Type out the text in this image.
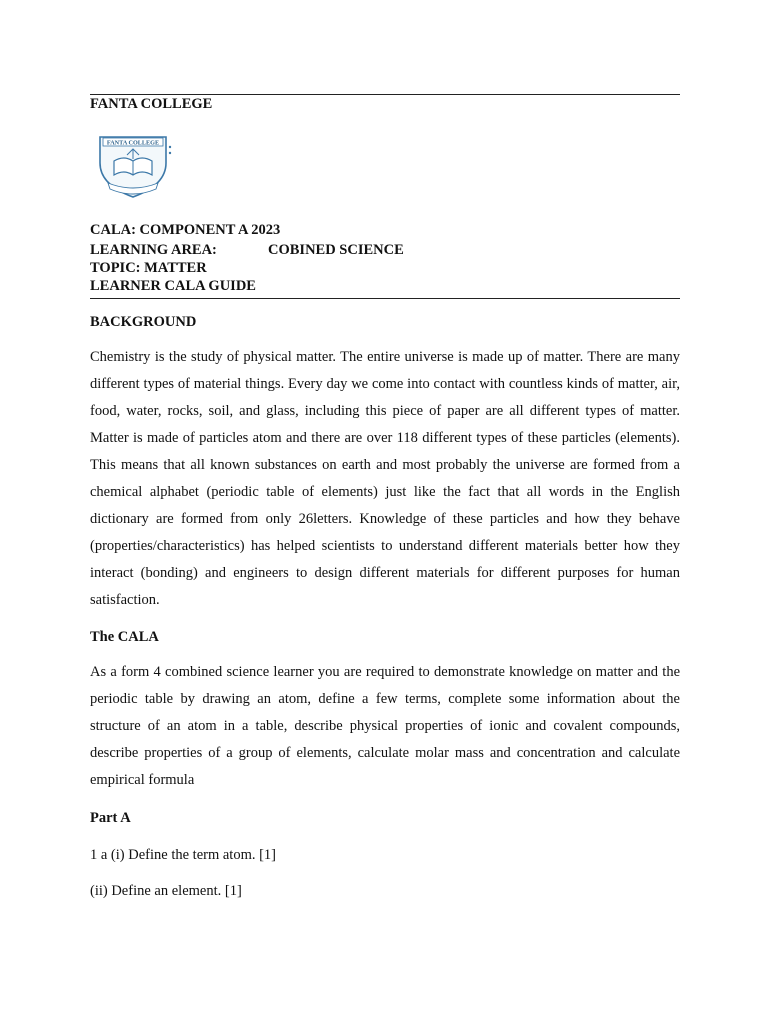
FANTA COLLEGE
FANTA COLLEGE
CALA: COMPONENT A 2023
LEARNING AREA:	COBINED SCIENCE
TOPIC: MATTER
LEARNER CALA GUIDE
BACKGROUND
Chemistry is the study of physical matter. The entire universe is made up of matter. There are many different types of material things. Every day we come into contact with countless kinds of matter, air, food, water, rocks, soil, and glass, including this piece of paper are all different types of matter. Matter is made of particles atom and there are over 118 different types of these particles (elements). This means that all known substances on earth and most probably the universe are formed from a chemical alphabet (periodic table of elements) just like the fact that all words in the English dictionary are formed from only 26letters. Knowledge of these particles and how they behave (properties/characteristics) has helped scientists to understand different materials better how they interact (bonding) and engineers to design different materials for different purposes for human satisfaction.
The CALA
As a form 4 combined science learner you are required to demonstrate knowledge on matter and the periodic table by drawing an atom, define a few terms, complete some information about the structure of an atom in a table, describe physical properties of ionic and covalent compounds, describe properties of a group of elements, calculate molar mass and concentration and calculate empirical formula
Part A
1 a (i) Define the term atom. [1]
(ii) Define an element. [1]
